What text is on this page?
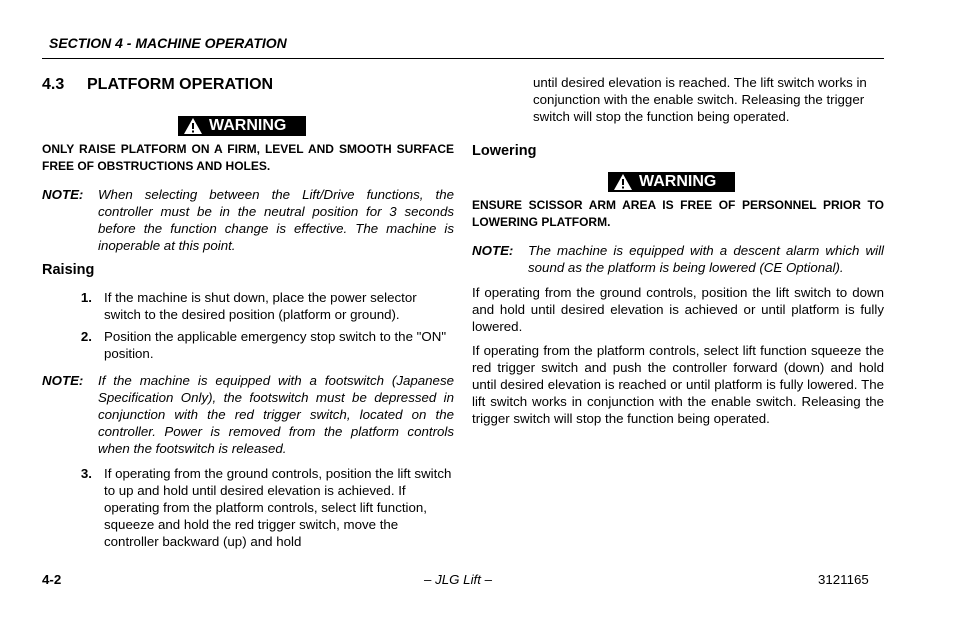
SECTION 4 - MACHINE OPERATION
4.3 PLATFORM OPERATION
WARNING
ONLY RAISE PLATFORM ON A FIRM, LEVEL AND SMOOTH SURFACE FREE OF OBSTRUCTIONS AND HOLES.
NOTE: When selecting between the Lift/Drive functions, the controller must be in the neutral position for 3 seconds before the function change is effective. The machine is inoperable at this point.
Raising
1. If the machine is shut down, place the power selector switch to the desired position (platform or ground).
2. Position the applicable emergency stop switch to the "ON" position.
NOTE: If the machine is equipped with a footswitch (Japanese Specification Only), the footswitch must be depressed in conjunction with the red trigger switch, located on the controller. Power is removed from the platform controls when the footswitch is released.
3. If operating from the ground controls, position the lift switch to up and hold until desired elevation is achieved. If operating from the platform controls, select lift function, squeeze and hold the red trigger switch, move the controller backward (up) and hold
until desired elevation is reached. The lift switch works in conjunction with the enable switch. Releasing the trigger switch will stop the function being operated.
Lowering
WARNING
ENSURE SCISSOR ARM AREA IS FREE OF PERSONNEL PRIOR TO LOWERING PLATFORM.
NOTE: The machine is equipped with a descent alarm which will sound as the platform is being lowered (CE Optional).
If operating from the ground controls, position the lift switch to down and hold until desired elevation is achieved or until platform is fully lowered.
If operating from the platform controls, select lift function squeeze the red trigger switch and push the controller forward (down) and hold until desired elevation is reached or until platform is fully lowered. The lift switch works in conjunction with the enable switch. Releasing the trigger switch will stop the function being operated.
4-2	– JLG Lift –	3121165
